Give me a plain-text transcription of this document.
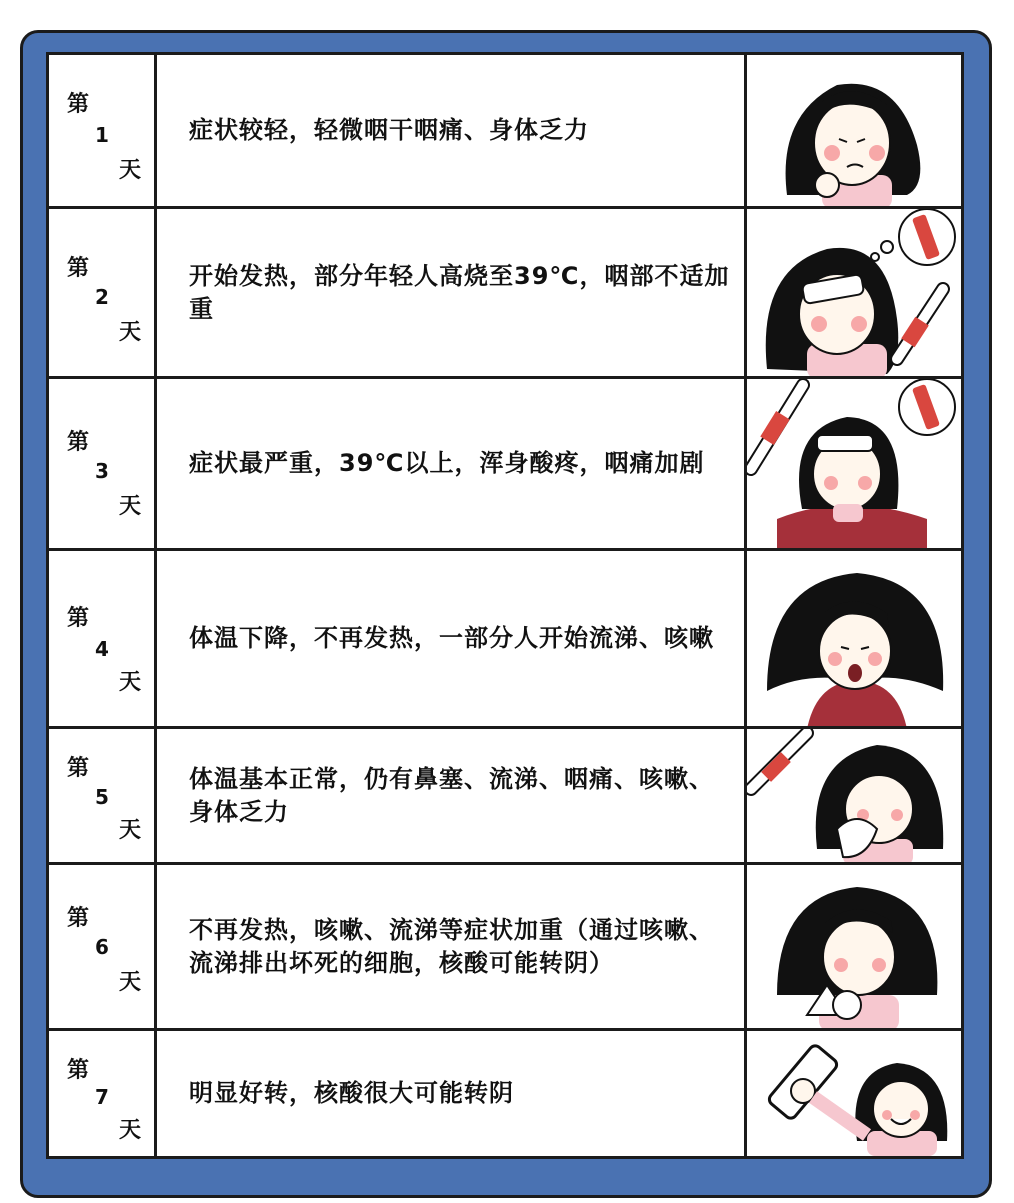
第
1
天
症状较轻，轻微咽干咽痛、身体乏力
第
2
天
开始发热，部分年轻人高烧至39℃，咽部不适加重
第
3
天
症状最严重，39℃以上，浑身酸疼，咽痛加剧
第
4
天
体温下降，不再发热，一部分人开始流涕、咳嗽
第
5
天
体温基本正常，仍有鼻塞、流涕、咽痛、咳嗽、身体乏力
第
6
天
不再发热，咳嗽、流涕等症状加重（通过咳嗽、流涕排出坏死的细胞，核酸可能转阴）
第
7
天
明显好转，核酸很大可能转阴
